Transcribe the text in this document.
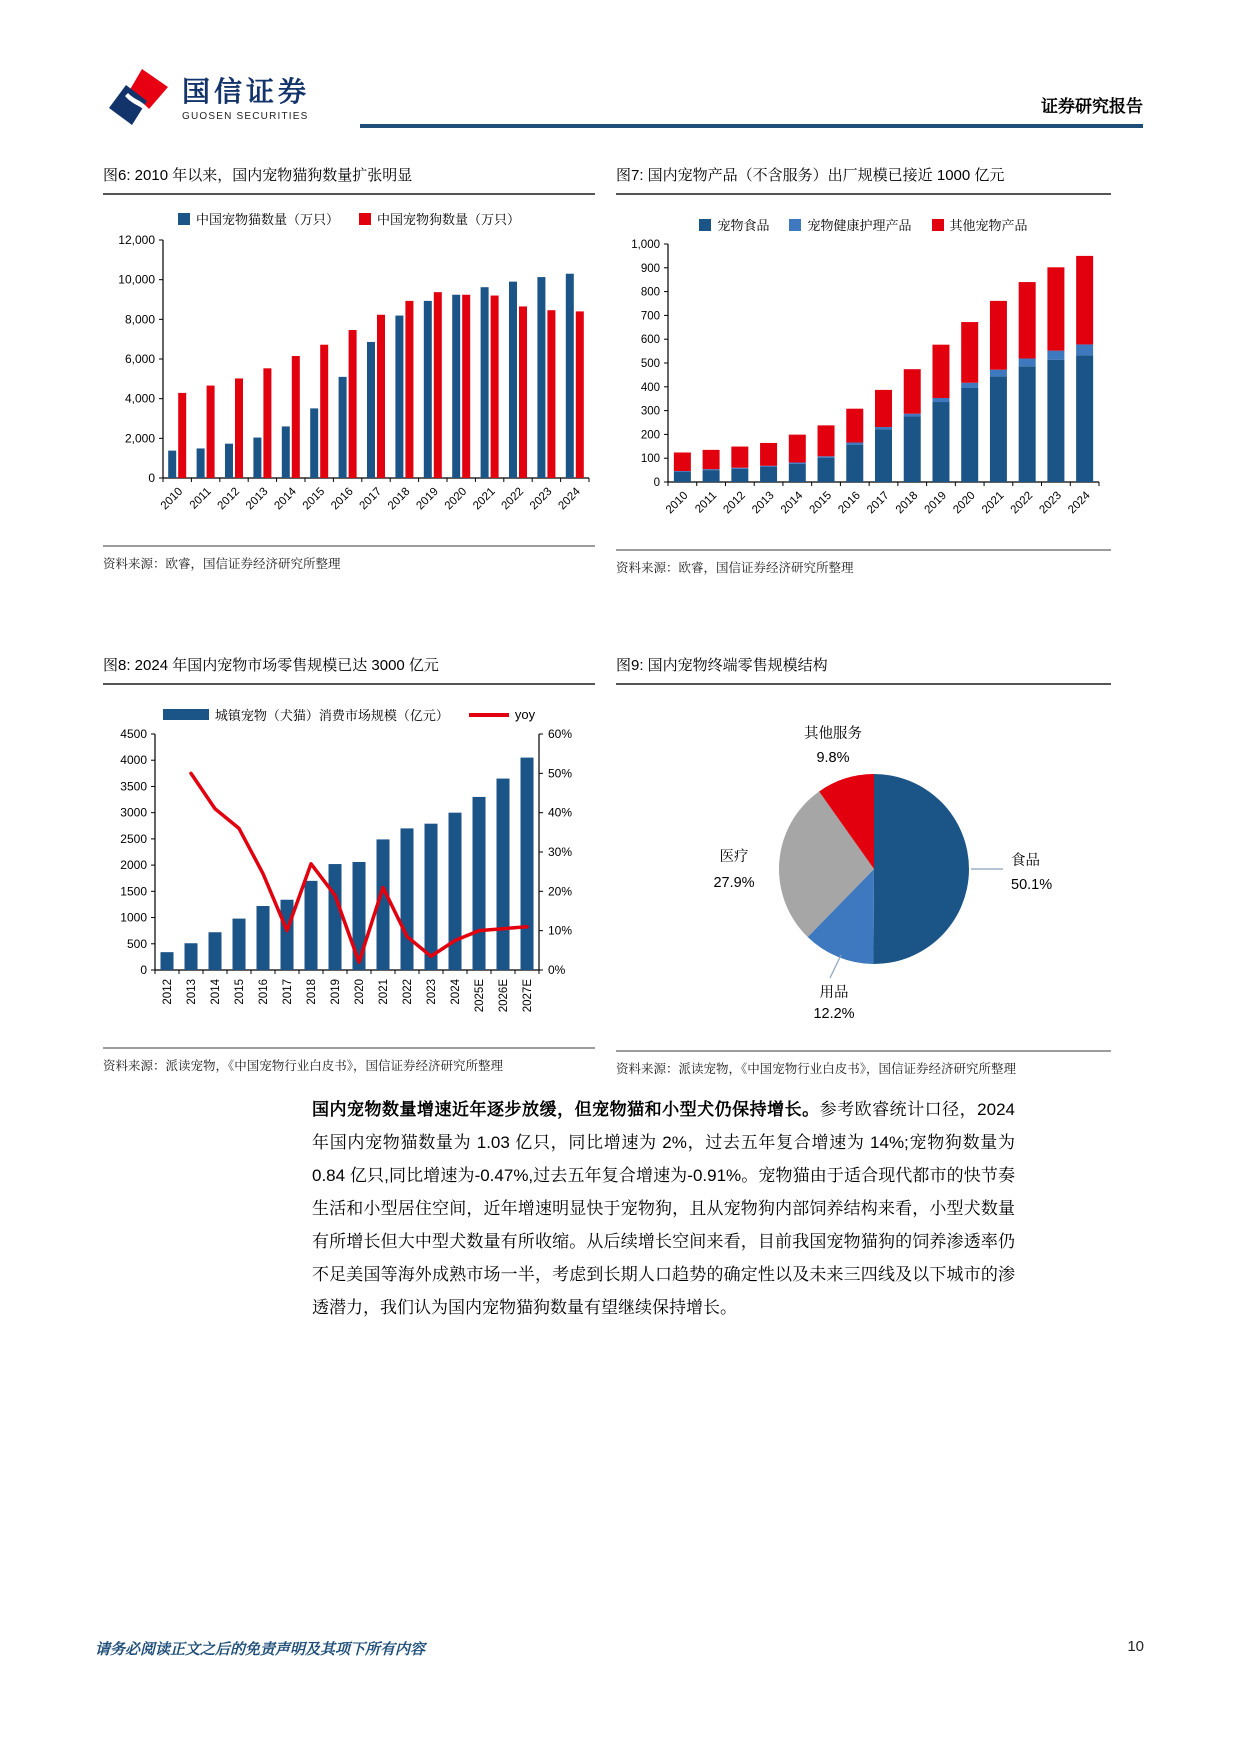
国信证券
GUOSEN SECURITIES
证券研究报告
图6: 2010 年以来，国内宠物猫狗数量扩张明显
中国宠物猫数量（万只）	中国宠物狗数量（万只）
0
2,000
4,000
6,000
8,000
10,000
12,000
2010 2011 2012 2013 2014 2015 2016 2017 2018 2019 2020 2021 2022 2023 2024
资料来源：欧睿，国信证券经济研究所整理
图7: 国内宠物产品（不含服务）出厂规模已接近 1000 亿元
宠物食品	宠物健康护理产品	其他宠物产品
0
100
200
300
400
500
600
700
800
900
1,000
2010 2011 2012 2013 2014 2015 2016 2017 2018 2019 2020 2021 2022 2023 2024
资料来源：欧睿，国信证券经济研究所整理
图8: 2024 年国内宠物市场零售规模已达 3000 亿元
城镇宠物（犬猫）消费市场规模（亿元）	yoy
0
500
1000
1500
2000
2500
3000
3500
4000
4500
0%
10%
20%
30%
40%
50%
60%
2012 2013 2014 2015 2016 2017 2018 2019 2020 2021 2022 2023 2024 2025E 2026E 2027E
资料来源：派读宠物，《中国宠物行业白皮书》，国信证券经济研究所整理
图9: 国内宠物终端零售规模结构
食品
50.1%
用品
12.2%
医疗
27.9%
其他服务
9.8%
资料来源：派读宠物，《中国宠物行业白皮书》，国信证券经济研究所整理
国内宠物数量增速近年逐步放缓，但宠物猫和小型犬仍保持增长。参考欧睿统计口径，2024 年国内宠物猫数量为 1.03 亿只，同比增速为 2%，过去五年复合增速为 14%;宠物狗数量为 0.84 亿只,同比增速为-0.47%,过去五年复合增速为-0.91%。宠物猫由于适合现代都市的快节奏生活和小型居住空间，近年增速明显快于宠物狗，且从宠物狗内部饲养结构来看，小型犬数量有所增长但大中型犬数量有所收缩。从后续增长空间来看，目前我国宠物猫狗的饲养渗透率仍不足美国等海外成熟市场一半，考虑到长期人口趋势的确定性以及未来三四线及以下城市的渗透潜力，我们认为国内宠物猫狗数量有望继续保持增长。
请务必阅读正文之后的免责声明及其项下所有内容	10
